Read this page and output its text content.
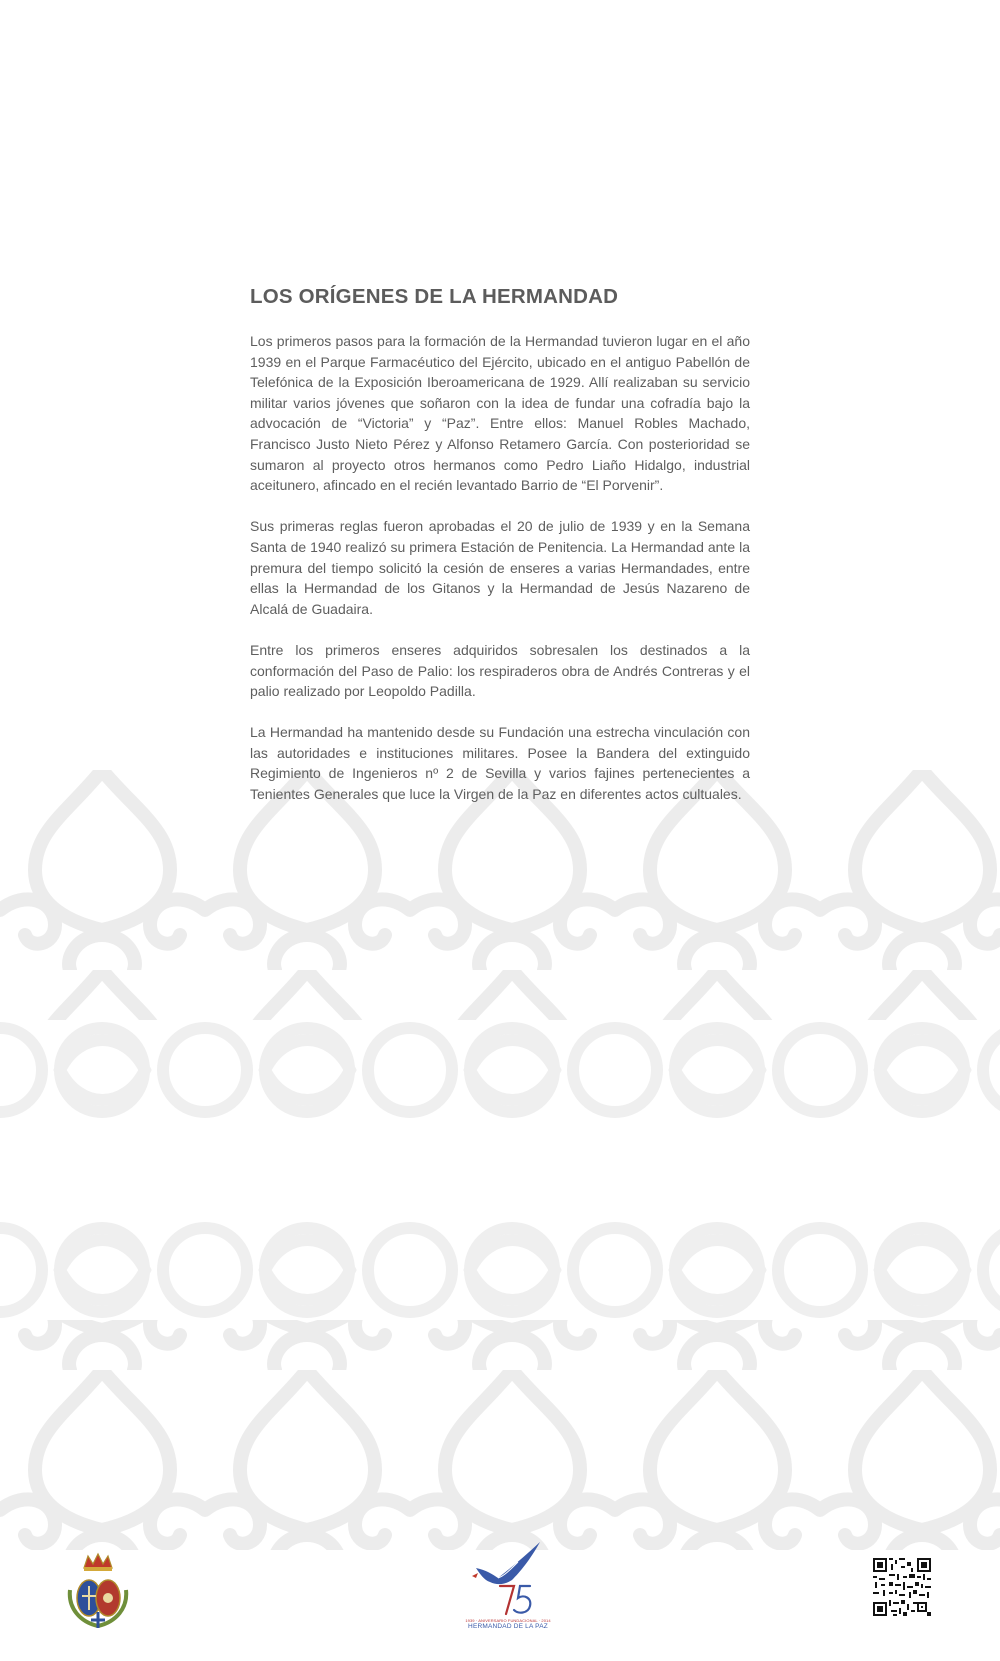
LOS ORÍGENES DE LA HERMANDAD

Los primeros pasos para la formación de la Hermandad tuvieron lugar en el año 1939 en el Parque Farmacéutico del Ejército, ubicado en el antiguo Pabellón de Telefónica de la Exposición Iberoamericana de 1929. Allí realizaban su servicio militar varios jóvenes que soñaron con la idea de fundar una cofradía bajo la advocación de “Victoria” y “Paz”. Entre ellos: Manuel Robles Machado, Francisco Justo Nieto Pérez y Alfonso Retamero García. Con posterioridad se sumaron al proyecto otros hermanos como Pedro Liaño Hidalgo, industrial aceitunero, afincado en el recién levantado Barrio de “El Porvenir”.

Sus primeras reglas fueron aprobadas el 20 de julio de 1939 y en la Semana Santa de 1940 realizó su primera Estación de Penitencia. La Hermandad ante la premura del tiempo solicitó la cesión de enseres a varias Hermandades, entre ellas la Hermandad de los Gitanos y la Hermandad de Jesús Nazareno de Alcalá de Guadaira.

Entre los primeros enseres adquiridos sobresalen los destinados a la conformación del Paso de Palio: los respiraderos obra de Andrés Contreras y el palio realizado por Leopoldo Padilla.

La Hermandad ha mantenido desde su Fundación una estrecha vinculación con las autoridades e instituciones militares. Posee la Bandera del extinguido Regimiento de Ingenieros nº 2 de Sevilla y varios fajines pertenecientes a Tenientes Generales que luce la Virgen de la Paz en diferentes actos cultuales.

1939 · ANIVERSARIO FUNDACIONAL · 2014
HERMANDAD DE LA PAZ
